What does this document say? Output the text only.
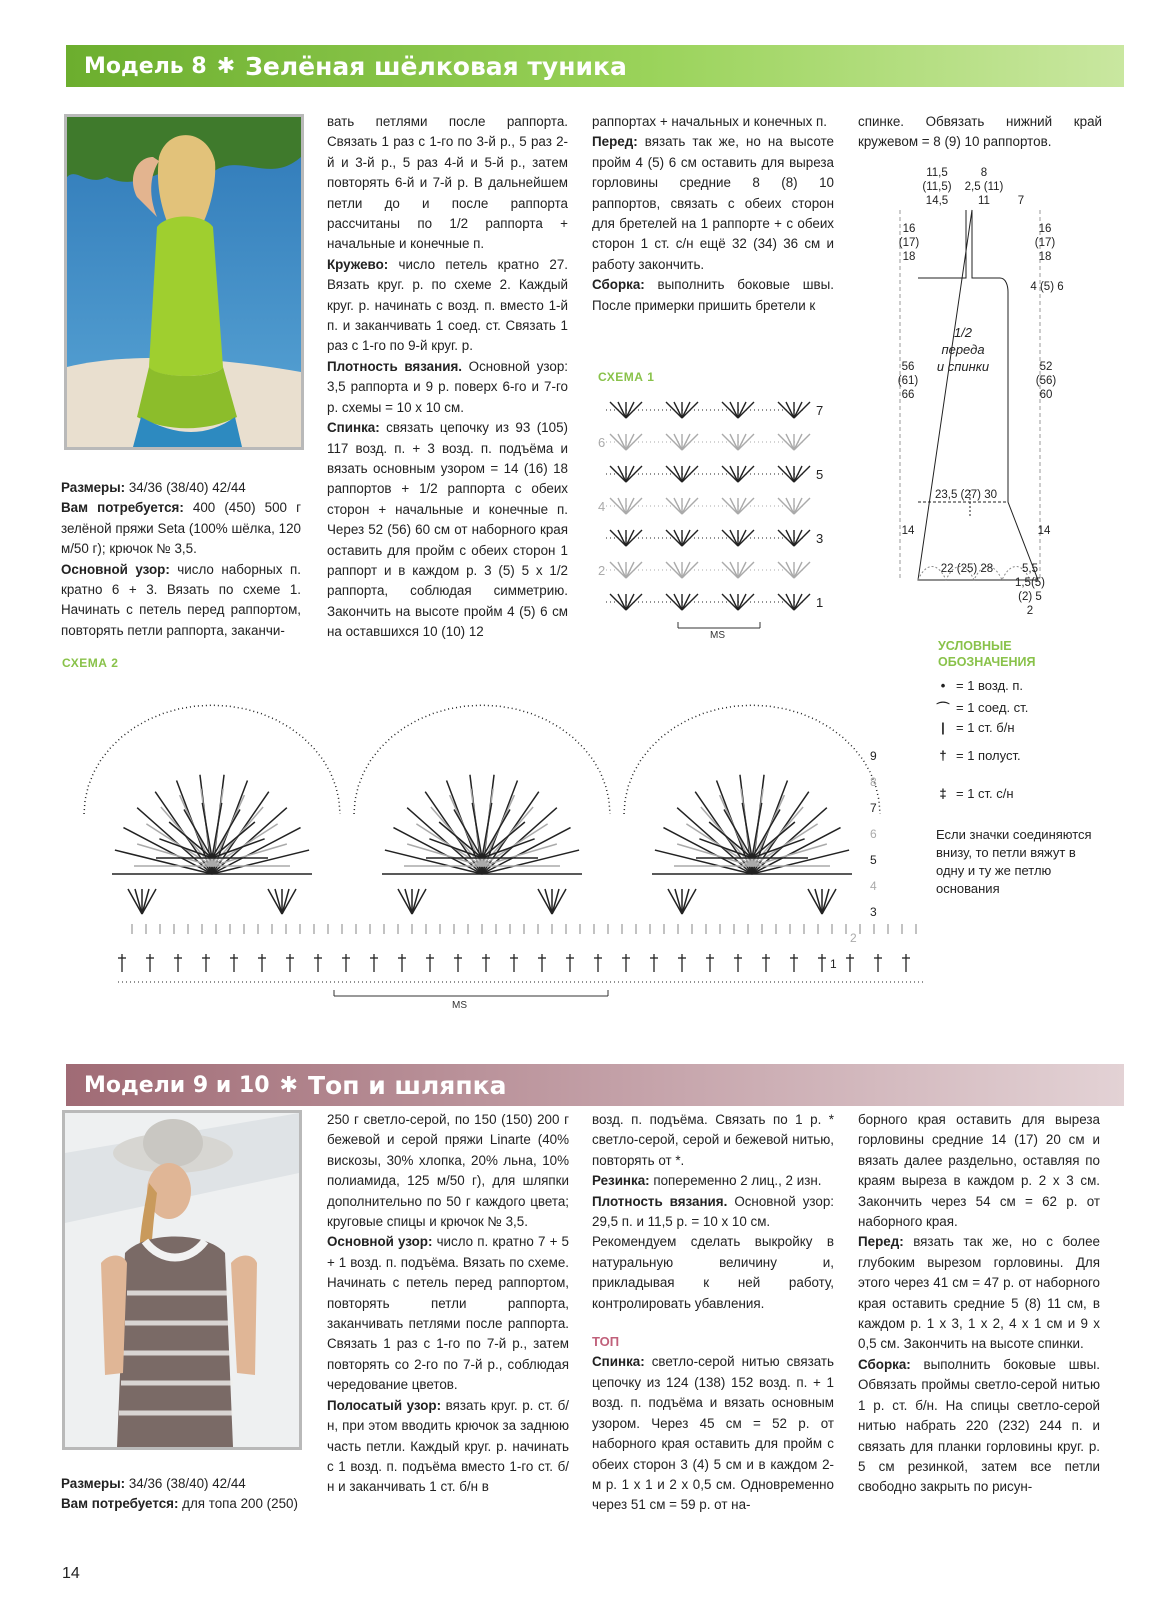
Модель 8 ✱ Зелёная шёлковая туника

Размеры: 34/36 (38/40) 42/44

Вам потребуется: 400 (450) 500 г зелёной пряжи Seta (100% шёлка, 120 м/50 г); крючок № 3,5.

Основной узор: число наборных п. кратно 6 + 3. Вязать по схеме 1. Начинать с петель перед раппортом, повторять петли раппорта, заканчи-

вать петлями после раппорта. Связать 1 раз с 1-го по 3-й р., 5 раз 2-й и 3-й р., 5 раз 4-й и 5-й р., затем повторять 6-й и 7-й р. В дальнейшем петли до и после раппорта рассчитаны по 1/2 раппорта + начальные и конечные п.

Кружево: число петель кратно 27. Вязать круг. р. по схеме 2. Каждый круг. р. начинать с возд. п. вместо 1-й п. и заканчивать 1 соед. ст. Связать 1 раз с 1-го по 9-й круг. р.

Плотность вязания. Основной узор: 3,5 раппорта и 9 р. поверх 6-го и 7-го р. схемы = 10 x 10 см.

Спинка: связать цепочку из 93 (105) 117 возд. п. + 3 возд. п. подъёма и вязать основным узором = 14 (16) 18 раппортов + 1/2 раппорта с обеих сторон + начальные и конечные п. Через 52 (56) 60 см от наборного края оставить для пройм с обеих сторон 1 раппорт и в каждом р. 3 (5) 5 x 1/2 раппорта, соблюдая симметрию. Закончить на высоте пройм 4 (5) 6 см на оставшихся 10 (10) 12

раппортах + начальных и конечных п.

Перед: вязать так же, но на высоте пройм 4 (5) 6 см оставить для выреза горловины средние 8 (8) 10 раппортов, связать с обеих сторон для бретелей на 1 раппорте + с обеих сторон 1 ст. с/н ещё 32 (34) 36 см и работу закончить.

Сборка: выполнить боковые швы. После примерки пришить бретели к

спинке. Обвязать нижний край кружевом = 8 (9) 10 раппортов.

СХЕМА 1
7
6
5
4
3
2
1
MS
11,5
(11,5)
14,5
8
2,5 (11)
11	7
16
(17)
18
16
(17)
18
4 (5) 6
1/2
переда
и спинки
56
(61)
66
52
(56)
60
23,5 (27) 30
14	14
22 (25) 28	5,5
1,5(5)
(2) 5
2
УСЛОВНЫЕ
ОБОЗНАЧЕНИЯ
• = 1 возд. п.
⌒ = 1 соед. ст.
| = 1 ст. б/н
† = 1 полуст.
‡ = 1 ст. с/н
Если значки соединяются внизу, то петли вяжут в одну и ту же петлю основания
СХЕМА 2
9
8
7
6
5
4
3
2
1
MS
Модели 9 и 10 ✱ Топ и шляпка

Размеры: 34/36 (38/40) 42/44

Вам потребуется: для топа 200 (250)

250 г светло-серой, по 150 (150) 200 г бежевой и серой пряжи Linarte (40% вискозы, 30% хлопка, 20% льна, 10% полиамида, 125 м/50 г), для шляпки дополнительно по 50 г каждого цвета; круговые спицы и крючок № 3,5.

Основной узор: число п. кратно 7 + 5 + 1 возд. п. подъёма. Вязать по схеме. Начинать с петель перед раппортом, повторять петли раппорта, заканчивать петлями после раппорта. Связать 1 раз с 1-го по 7-й р., затем повторять со 2-го по 7-й р., соблюдая чередование цветов.

Полосатый узор: вязать круг. р. ст. б/н, при этом вводить крючок за заднюю часть петли. Каждый круг. р. начинать с 1 возд. п. подъёма вместо 1-го ст. б/н и заканчивать 1 ст. б/н в

возд. п. подъёма. Связать по 1 р. * светло-серой, серой и бежевой нитью, повторять от *.

Резинка: попеременно 2 лиц., 2 изн.

Плотность вязания. Основной узор: 29,5 п. и 11,5 р. = 10 x 10 см.

Рекомендуем сделать выкройку в натуральную величину и, прикладывая к ней работу, контролировать убавления.

ТОП

Спинка: светло-серой нитью связать цепочку из 124 (138) 152 возд. п. + 1 возд. п. подъёма и вязать основным узором. Через 45 см = 52 р. от наборного края оставить для пройм с обеих сторон 3 (4) 5 см и в каждом 2-м р. 1 x 1 и 2 x 0,5 см. Одновременно через 51 см = 59 р. от на-

борного края оставить для выреза горловины средние 14 (17) 20 см и вязать далее раздельно, оставляя по краям выреза в каждом р. 2 x 3 см. Закончить через 54 см = 62 р. от наборного края.

Перед: вязать так же, но с более глубоким вырезом горловины. Для этого через 41 см = 47 р. от наборного края оставить средние 5 (8) 11 см, в каждом р. 1 x 3, 1 x 2, 4 x 1 см и 9 x 0,5 см. Закончить на высоте спинки.

Сборка: выполнить боковые швы. Обвязать проймы светло-серой нитью 1 р. ст. б/н. На спицы светло-серой нитью набрать 220 (232) 244 п. и связать для планки горловины круг. р. 5 см резинкой, затем все петли свободно закрыть по рисун-

14
